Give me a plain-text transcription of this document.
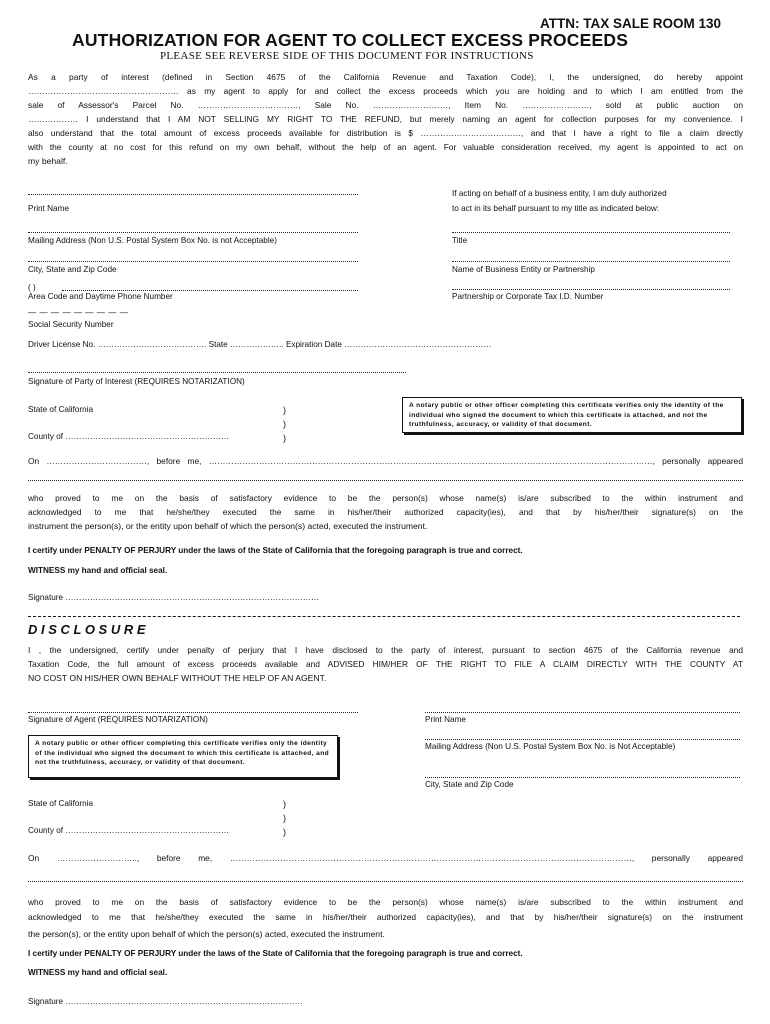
ATTN: TAX SALE ROOM 130
AUTHORIZATION FOR AGENT TO COLLECT EXCESS PROCEEDS
PLEASE SEE REVERSE SIDE OF THIS DOCUMENT FOR INSTRUCTIONS
As a party of interest (defined in Section 4675 of the California Revenue and Taxation Code), I, the undersigned, do hereby appoint
……………………………………………… as my agent to apply for and collect the excess proceeds which you are holding and to which I am entitled from the
sale of Assessor's Parcel No. ………………………………, Sale No. ………………………, Item No. ……………………, sold at public auction on
……………… I understand that I AM NOT SELLING MY RIGHT TO THE REFUND, but merely naming an agent for collection purposes for my convenience. I
also understand that the total amount of excess proceeds available for distribution is $ ………………………………, and that I have a right to file a claim directly
with the county at no cost for this refund on my own behalf, without the help of an agent. For valuable consideration received, my agent is appointed to act on
my behalf.
Print Name
If acting on behalf of a business entity, I am duly authorized
to act in its behalf pursuant to my title as indicated below:
Mailing Address (Non U.S. Postal System Box No. is not Acceptable)	Title
City, State and Zip Code	Name of Business Entity or Partnership
( )
Area Code and Daytime Phone Number	Partnership or Corporate Tax I.D. Number
— — — — — — — — —
Social Security Number
Driver License No. …………………………………. State ……………….. Expiration Date ………………………………………………
Signature of Party of Interest (REQUIRES NOTARIZATION)
State of California	)
)
)
County of ……………………………………………………
A notary public or other officer completing this certificate verifies only the identity of the individual who signed the document to which this certificate is attached, and not the truthfulness, accuracy, or validity of that document.
On ………………………………, before me, ……………………………………………………………………………………………………………………………………………, personally appeared
who proved to me on the basis of satisfactory evidence to be the person(s) whose name(s) is/are subscribed to the within instrument and
acknowledged to me that he/she/they executed the same in his/her/their authorized capacity(ies), and that by his/her/their signature(s) on the
instrument the person(s), or the entity upon behalf of which the person(s) acted, executed the instrument.
I certify under PENALTY OF PERJURY under the laws of the State of California that the foregoing paragraph is true and correct.
WITNESS my hand and official seal.
Signature …………………………………………………………………………………
D I S C L O S U R E
I , the undersigned, certify under penalty of perjury that I have disclosed to the party of interest, pursuant to section 4675 of the California revenue and
Taxation Code, the full amount of excess proceeds available and ADVISED HIM/HER OF THE RIGHT TO FILE A CLAIM DIRECTLY WITH THE COUNTY AT
NO COST ON HIS/HER OWN BEHALF WITHOUT THE HELP OF AN AGENT.
Signature of Agent (REQUIRES NOTARIZATION)	Print Name
A notary public or other officer completing this certificate verifies only the identity of the individual who signed the document to which this certificate is attached, and not the truthfulness, accuracy, or validity of that document.
Mailing Address (Non U.S. Postal System Box No. is Not Acceptable)
City, State and Zip Code
State of California	)
)
)
County of ……………………………………………………
On ……………………….., before me, ………………………………………………………………………………………………………………………………, personally appeared
who proved to me on the basis of satisfactory evidence to be the person(s) whose name(s) is/are subscribed to the within instrument and
acknowledged to me that he/she/they executed the same in his/her/their authorized capacity(ies), and that by his/her/their signature(s) on the instrument
the person(s), or the entity upon behalf of which the person(s) acted, executed the instrument.
I certify under PENALTY OF PERJURY under the laws of the State of California that the foregoing paragraph is true and correct.
WITNESS my hand and official seal.
Signature ……………………………………………………………………………
